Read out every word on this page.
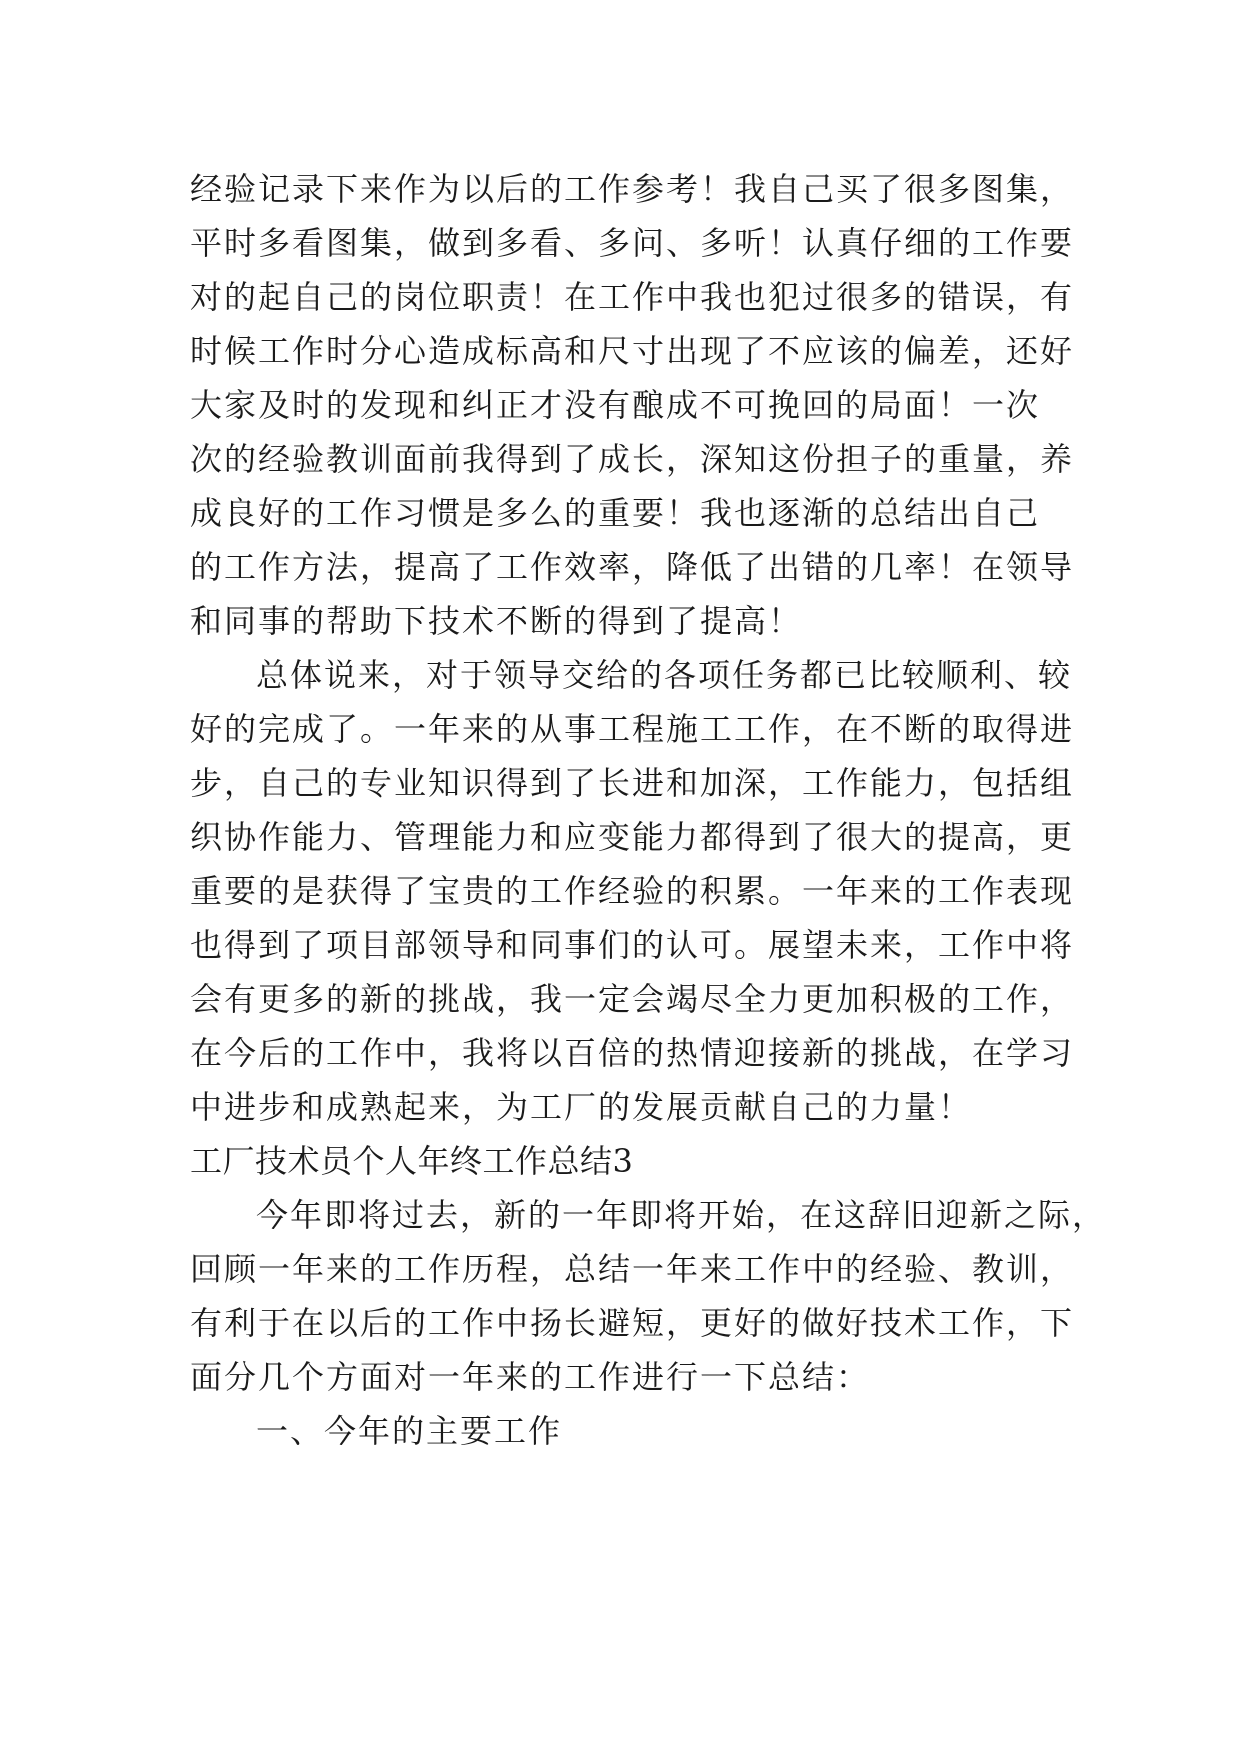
经验记录下来作为以后的工作参考！我自己买了很多图集，
平时多看图集，做到多看、多问、多听！认真仔细的工作要
对的起自己的岗位职责！在工作中我也犯过很多的错误，有
时候工作时分心造成标高和尺寸出现了不应该的偏差，还好
大家及时的发现和纠正才没有酿成不可挽回的局面！一次
次的经验教训面前我得到了成长，深知这份担子的重量，养
成良好的工作习惯是多么的重要！我也逐渐的总结出自己
的工作方法，提高了工作效率，降低了出错的几率！在领导
和同事的帮助下技术不断的得到了提高！
总体说来，对于领导交给的各项任务都已比较顺利、较
好的完成了。一年来的从事工程施工工作，在不断的取得进
步，自己的专业知识得到了长进和加深，工作能力，包括组
织协作能力、管理能力和应变能力都得到了很大的提高，更
重要的是获得了宝贵的工作经验的积累。一年来的工作表现
也得到了项目部领导和同事们的认可。展望未来，工作中将
会有更多的新的挑战，我一定会竭尽全力更加积极的工作，
在今后的工作中，我将以百倍的热情迎接新的挑战，在学习
中进步和成熟起来，为工厂的发展贡献自己的力量！
工厂技术员个人年终工作总结3
今年即将过去，新的一年即将开始，在这辞旧迎新之际，
回顾一年来的工作历程，总结一年来工作中的经验、教训，
有利于在以后的工作中扬长避短，更好的做好技术工作，下
面分几个方面对一年来的工作进行一下总结：
一、今年的主要工作
